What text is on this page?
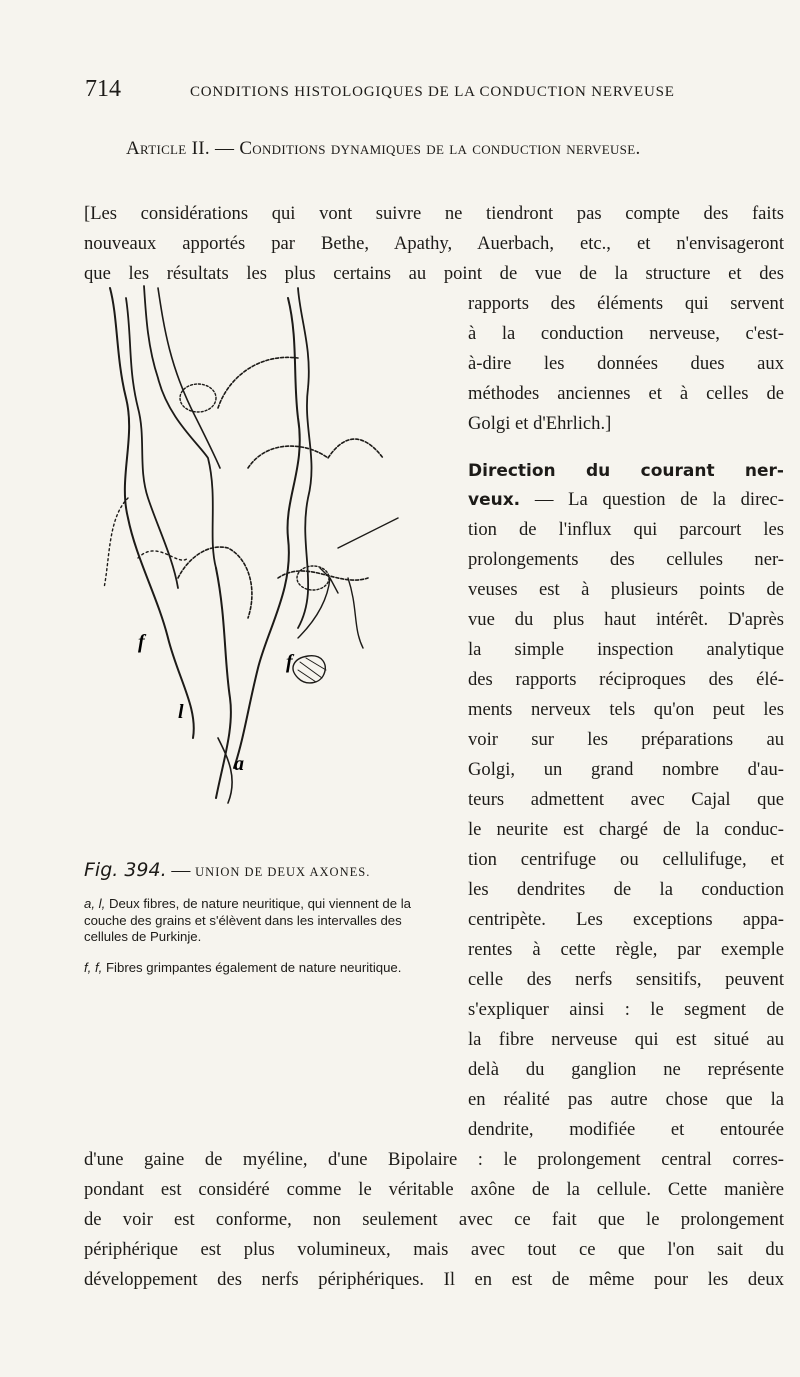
714	CONDITIONS HISTOLOGIQUES DE LA CONDUCTION NERVEUSE
Article II. — Conditions dynamiques de la conduction nerveuse.
[Les considérations qui vont suivre ne tiendront pas compte des faits
nouveaux apportés par Bethe, Apathy, Auerbach, etc., et n'envisageront
que les résultats les plus certains au point de vue de la structure et des
rapports des éléments qui servent
à la conduction nerveuse, c'est-
à-dire les données dues aux
méthodes anciennes et à celles de
Golgi et d'Ehrlich.]
Direction du courant ner-
veux. — La question de la direc-
tion de l'influx qui parcourt les
prolongements des cellules ner-
veuses est à plusieurs points de
vue du plus haut intérêt. D'après
la simple inspection analytique
des rapports réciproques des élé-
ments nerveux tels qu'on peut les
voir sur les préparations au
Golgi, un grand nombre d'au-
teurs admettent avec Cajal que
le neurite est chargé de la conduc-
tion centrifuge ou cellulifuge, et
les dendrites de la conduction
centripète. Les exceptions appa-
rentes à cette règle, par exemple
celle des nerfs sensitifs, peuvent
s'expliquer ainsi : le segment de
la fibre nerveuse qui est situé au
delà du ganglion ne représente
en réalité pas autre chose que la
dendrite, modifiée et entourée
d'une gaine de myéline, d'une Bipolaire : le prolongement central corres-
pondant est considéré comme le véritable axône de la cellule. Cette manière
de voir est conforme, non seulement avec ce fait que le prolongement
périphérique est plus volumineux, mais avec tout ce que l'on sait du
développement des nerfs périphériques. Il en est de même pour les deux
f
l
f
a
Fig. 394. — UNION DE DEUX AXONES.
a, l, Deux fibres, de nature neuritique, qui viennent de la couche des grains et s'élèvent dans les intervalles des cellules de Purkinje.
f, f, Fibres grimpantes également de nature neuritique.
